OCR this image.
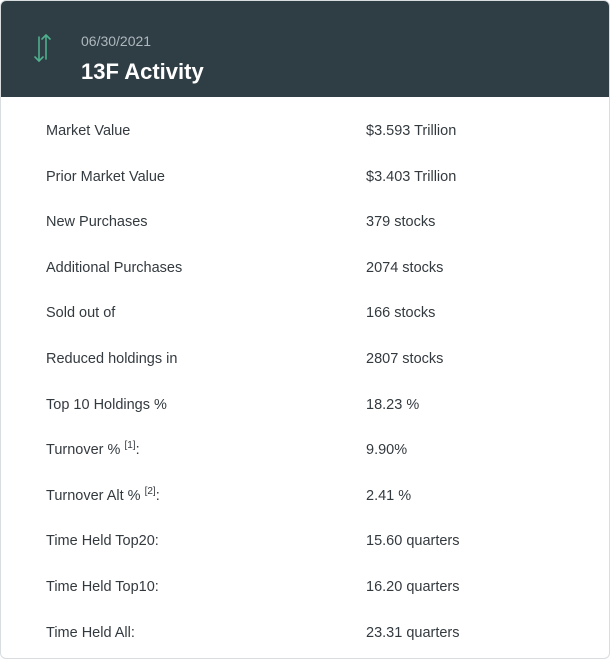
06/30/2021
13F Activity
Market Value	$3.593 Trillion
Prior Market Value	$3.403 Trillion
New Purchases	379 stocks
Additional Purchases	2074 stocks
Sold out of	166 stocks
Reduced holdings in	2807 stocks
Top 10 Holdings %	18.23 %
Turnover % [1]:	9.90%
Turnover Alt % [2]:	2.41 %
Time Held Top20:	15.60 quarters
Time Held Top10:	16.20 quarters
Time Held All:	23.31 quarters
